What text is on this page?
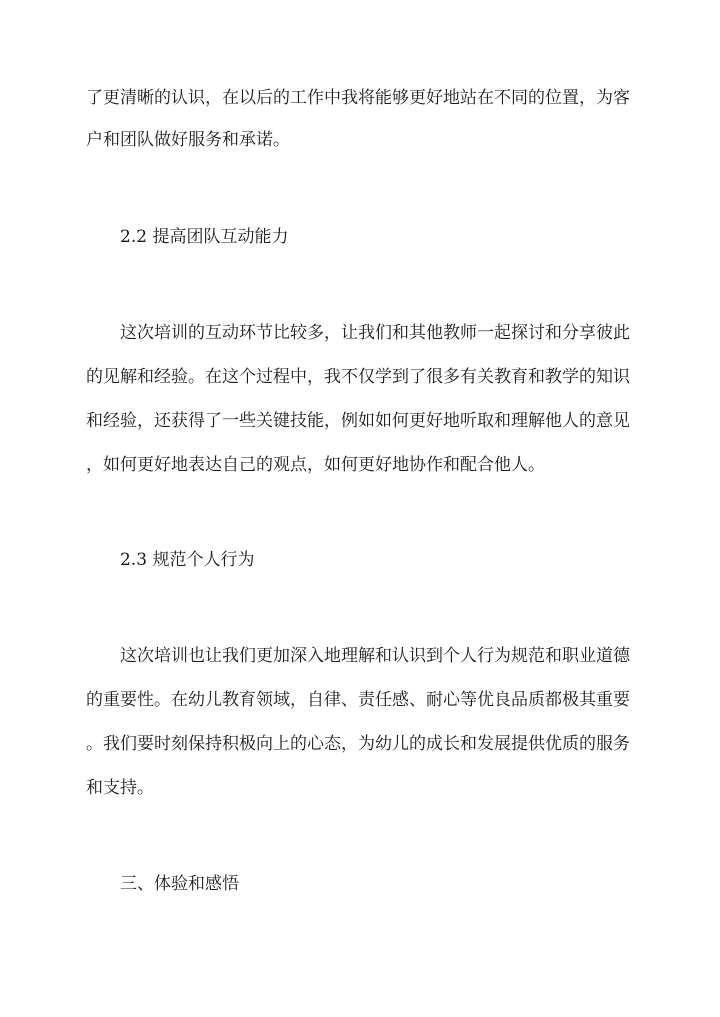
了更清晰的认识，在以后的工作中我将能够更好地站在不同的位置，为客
户和团队做好服务和承诺。
2.2 提高团队互动能力
这次培训的互动环节比较多，让我们和其他教师一起探讨和分享彼此
的见解和经验。在这个过程中，我不仅学到了很多有关教育和教学的知识
和经验，还获得了一些关键技能，例如如何更好地听取和理解他人的意见
，如何更好地表达自己的观点，如何更好地协作和配合他人。
2.3 规范个人行为
这次培训也让我们更加深入地理解和认识到个人行为规范和职业道德
的重要性。在幼儿教育领域，自律、责任感、耐心等优良品质都极其重要
。我们要时刻保持积极向上的心态，为幼儿的成长和发展提供优质的服务
和支持。
三、体验和感悟
